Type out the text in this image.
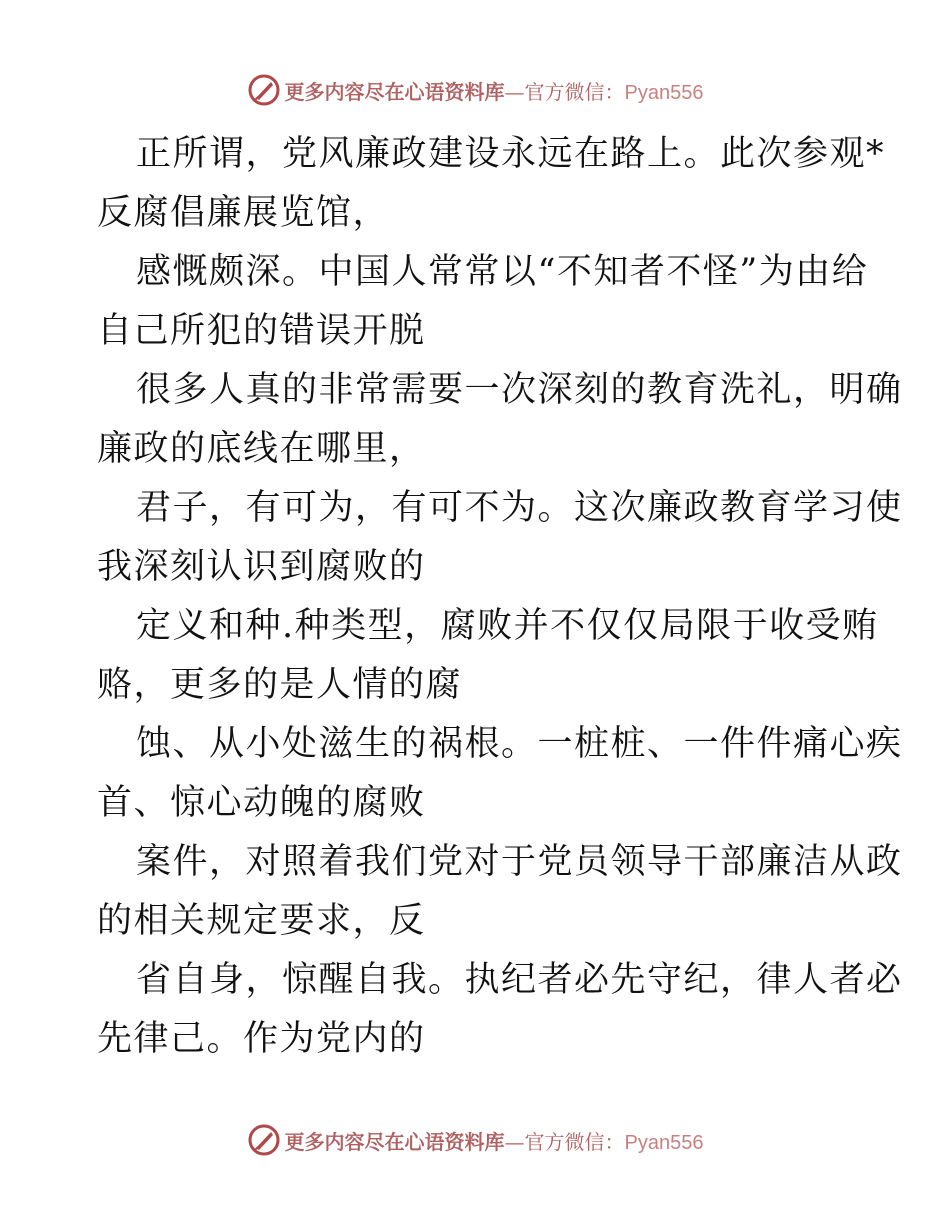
更多内容尽在心语资料库—官方微信：Pyan556
正所谓，党风廉政建设永远在路上。此次参观*
反腐倡廉展览馆，
感慨颇深。中国人常常以“不知者不怪”为由给
自己所犯的错误开脱
很多人真的非常需要一次深刻的教育洗礼，明确
廉政的底线在哪里，
君子，有可为，有可不为。这次廉政教育学习使
我深刻认识到腐败的
定义和种.种类型，腐败并不仅仅局限于收受贿
赂，更多的是人情的腐
蚀、从小处滋生的祸根。一桩桩、一件件痛心疾
首、惊心动魄的腐败
案件，对照着我们党对于党员领导干部廉洁从政
的相关规定要求，反
省自身，惊醒自我。执纪者必先守纪，律人者必
先律己。作为党内的
更多内容尽在心语资料库—官方微信：Pyan556
